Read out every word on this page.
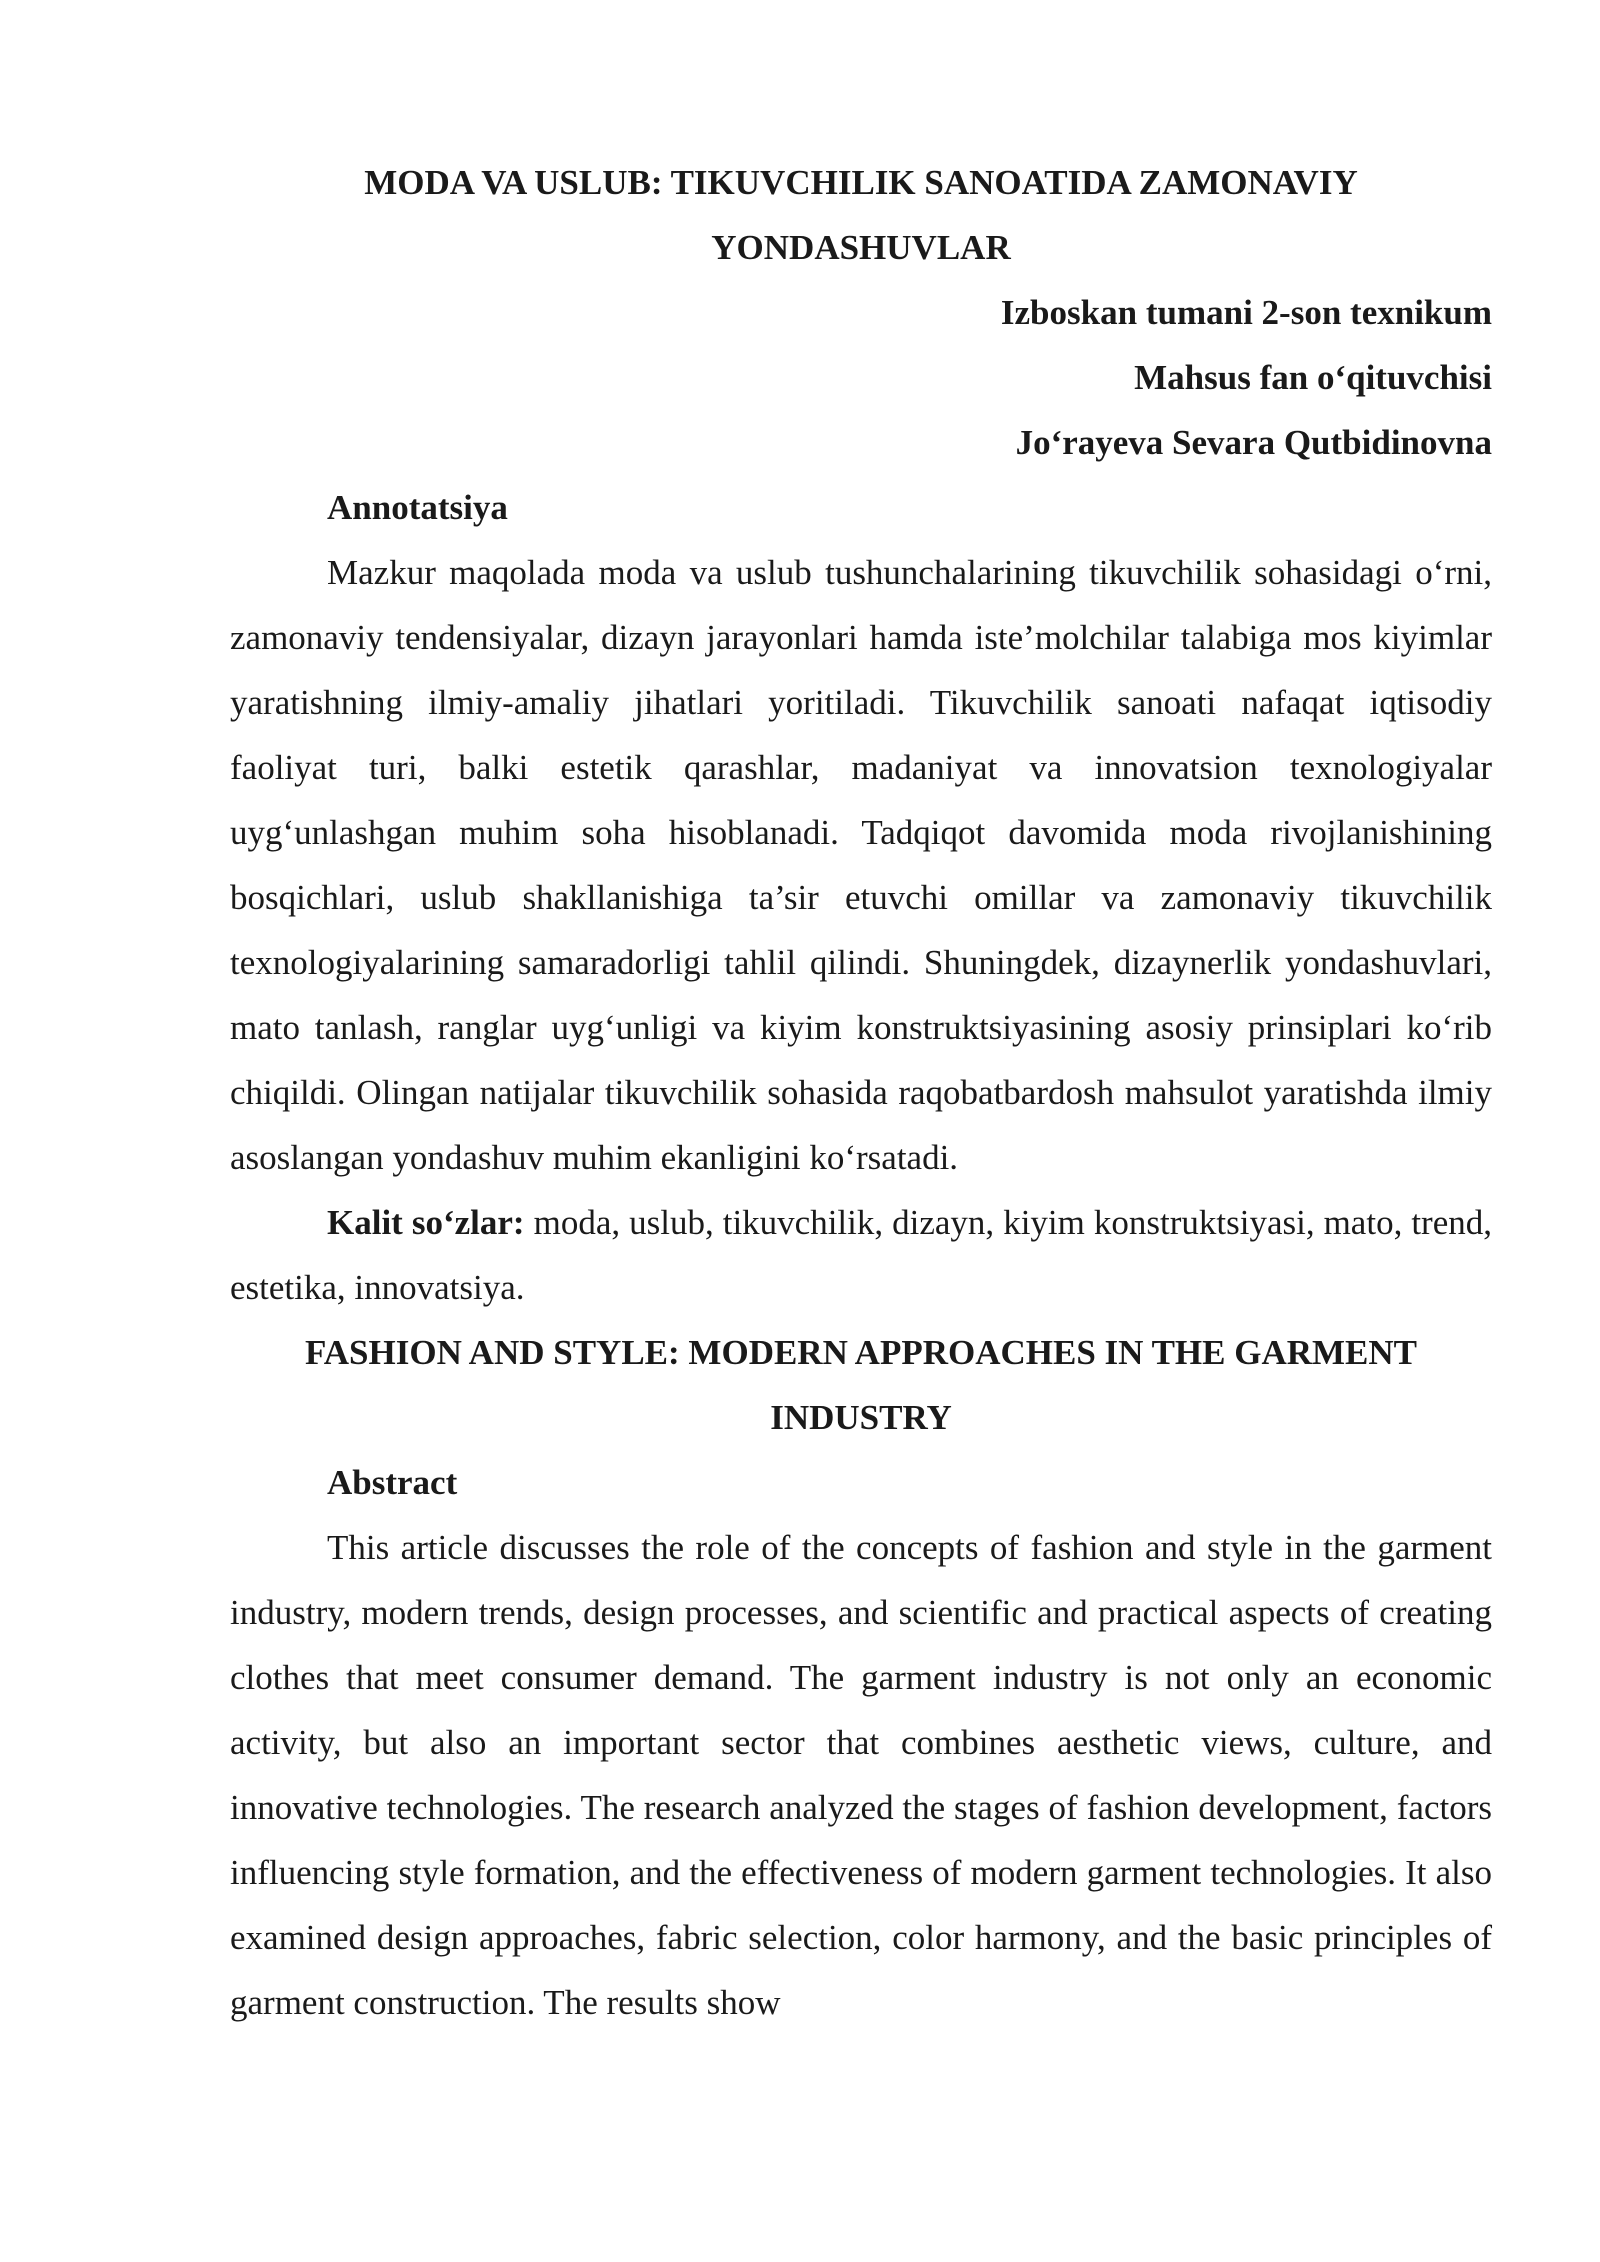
MODA VA USLUB: TIKUVCHILIK SANOATIDA ZAMONAVIY

YONDASHUVLAR

Izboskan tumani 2-son texnikum

Mahsus fan o‘qituvchisi

Jo‘rayeva Sevara Qutbidinovna

Annotatsiya

Mazkur maqolada moda va uslub tushunchalarining tikuvchilik sohasidagi o‘rni, zamonaviy tendensiyalar, dizayn jarayonlari hamda iste’molchilar talabiga mos kiyimlar yaratishning ilmiy-amaliy jihatlari yoritiladi. Tikuvchilik sanoati nafaqat iqtisodiy faoliyat turi, balki estetik qarashlar, madaniyat va innovatsion texnologiyalar uyg‘unlashgan muhim soha hisoblanadi. Tadqiqot davomida moda rivojlanishining bosqichlari, uslub shakllanishiga ta’sir etuvchi omillar va zamonaviy tikuvchilik texnologiyalarining samaradorligi tahlil qilindi. Shuningdek, dizaynerlik yondashuvlari, mato tanlash, ranglar uyg‘unligi va kiyim konstruktsiyasining asosiy prinsiplari ko‘rib chiqildi. Olingan natijalar tikuvchilik sohasida raqobatbardosh mahsulot yaratishda ilmiy asoslangan yondashuv muhim ekanligini ko‘rsatadi.

Kalit so‘zlar: moda, uslub, tikuvchilik, dizayn, kiyim konstruktsiyasi, mato, trend, estetika, innovatsiya.

FASHION AND STYLE: MODERN APPROACHES IN THE GARMENT

INDUSTRY

Abstract

This article discusses the role of the concepts of fashion and style in the garment industry, modern trends, design processes, and scientific and practical aspects of creating clothes that meet consumer demand. The garment industry is not only an economic activity, but also an important sector that combines aesthetic views, culture, and innovative technologies. The research analyzed the stages of fashion development, factors influencing style formation, and the effectiveness of modern garment technologies. It also examined design approaches, fabric selection, color harmony, and the basic principles of garment construction. The results show
